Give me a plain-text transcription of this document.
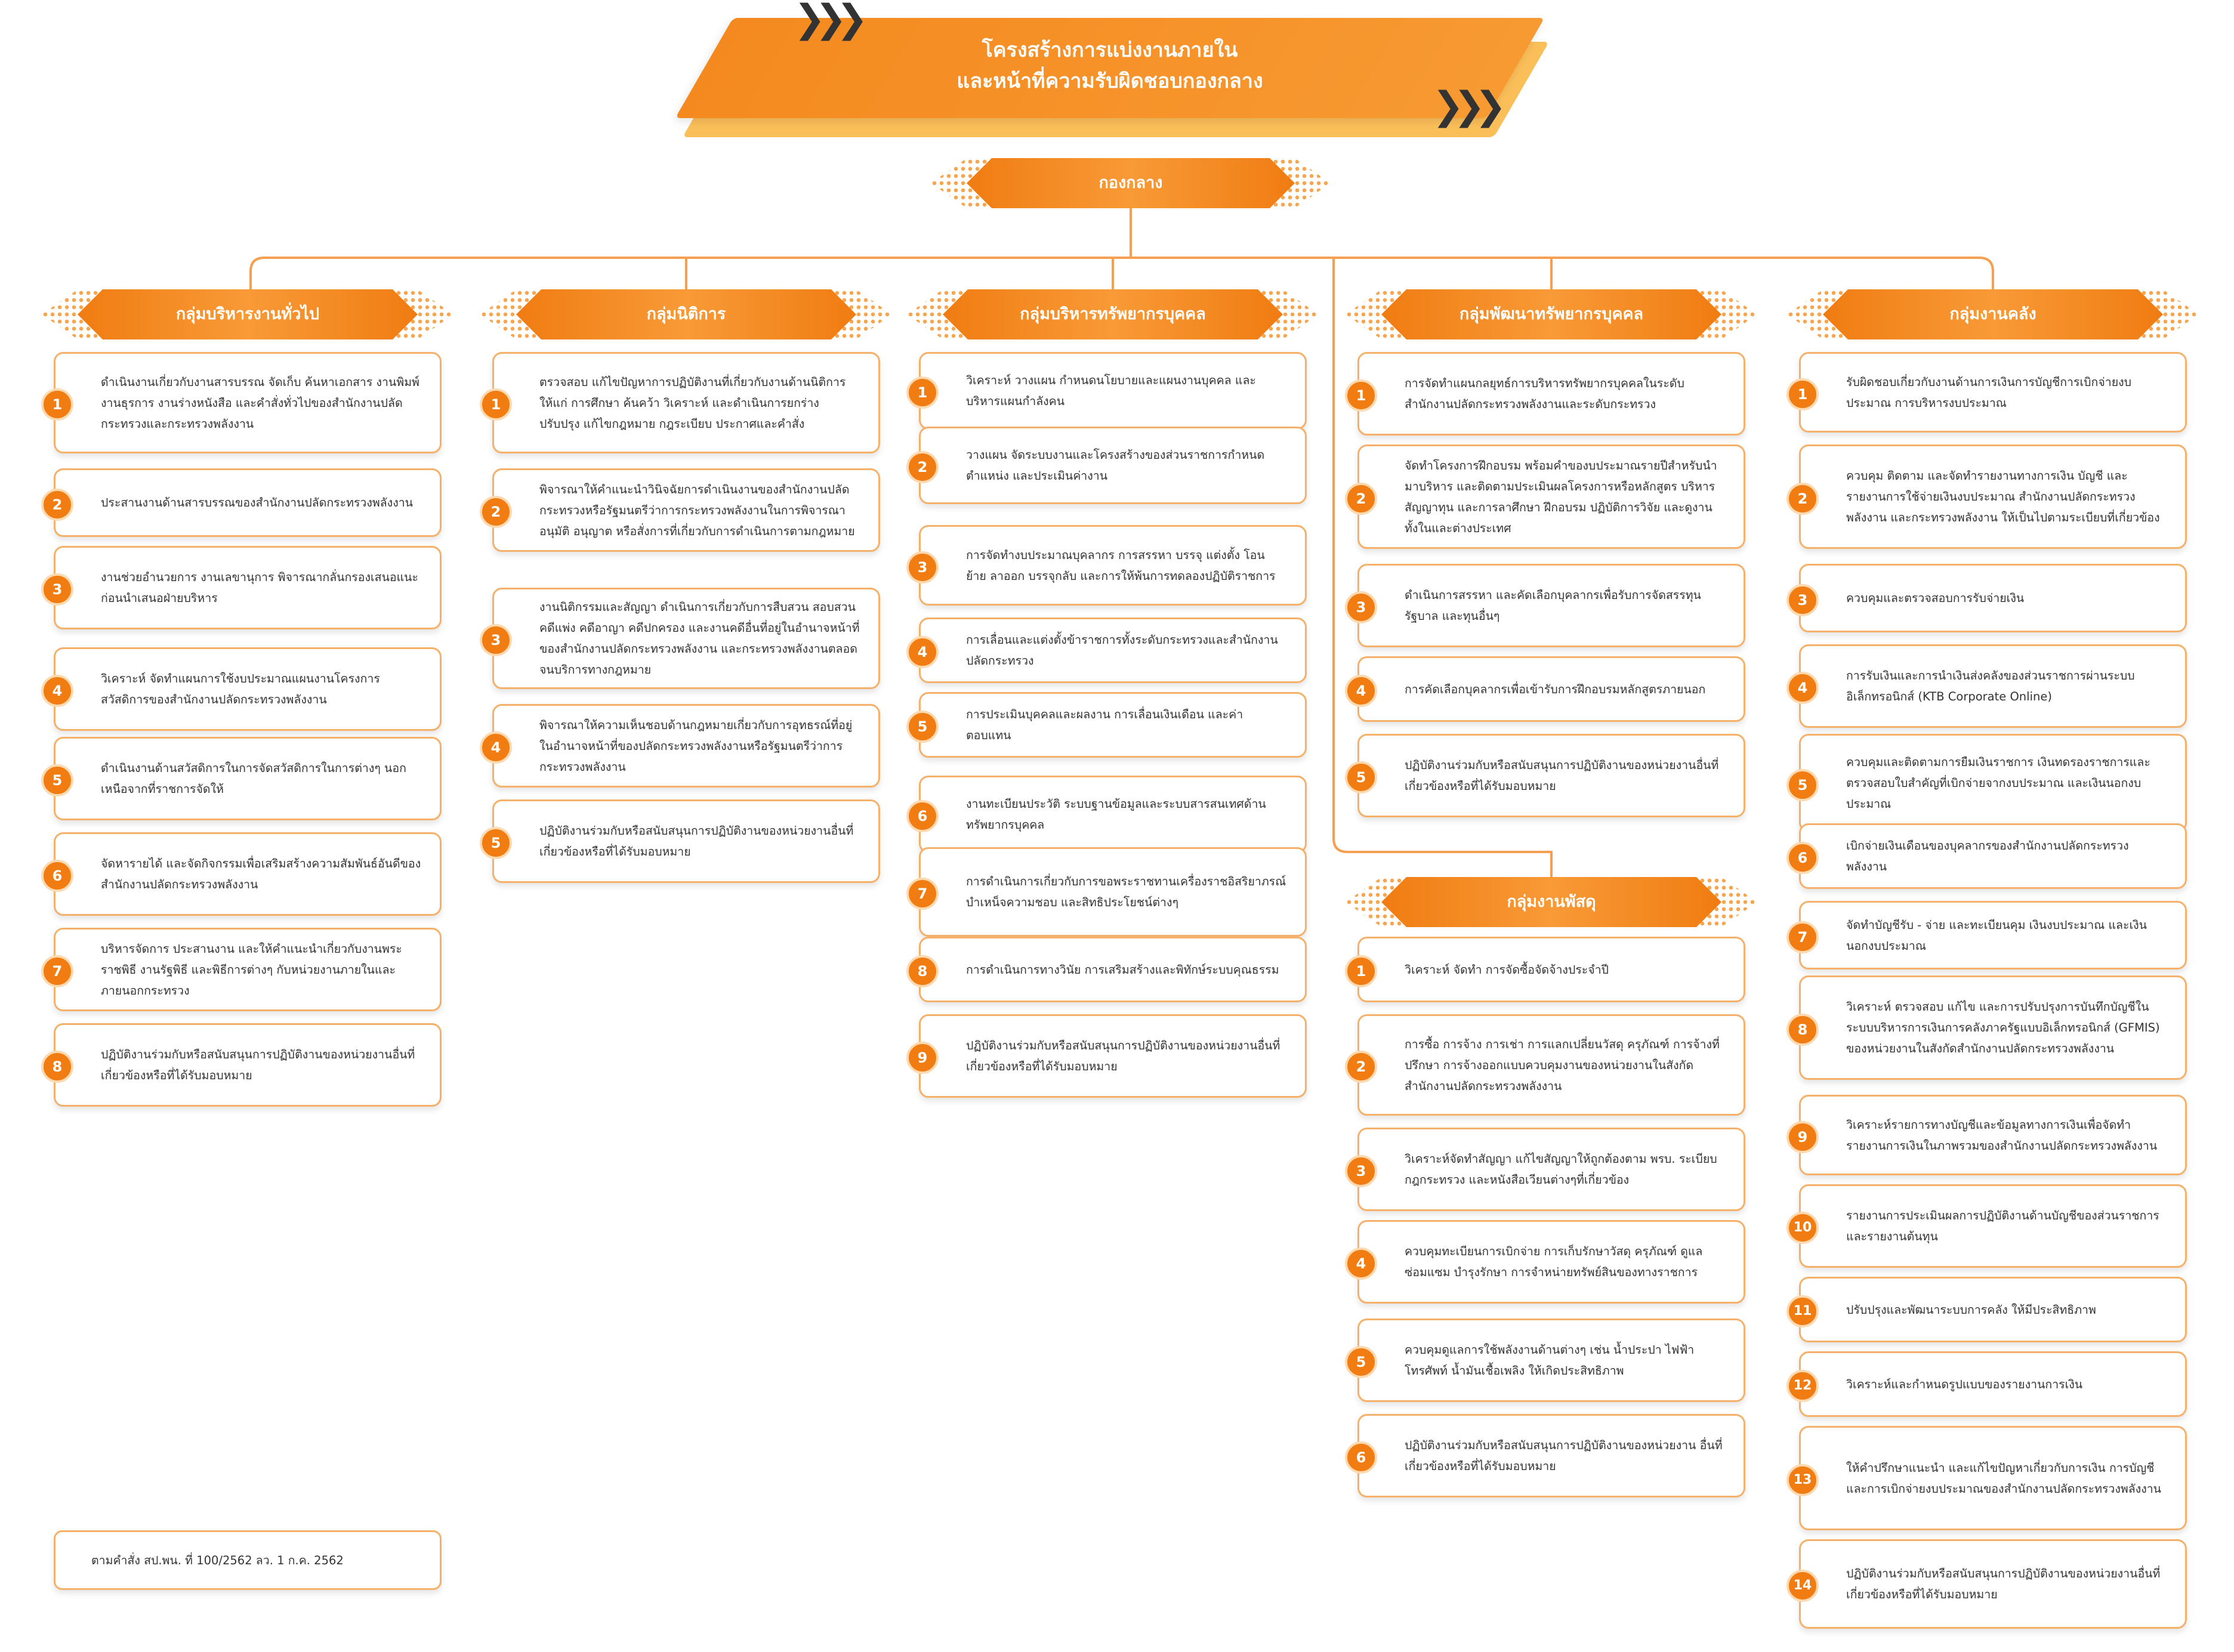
โครงสร้างการแบ่งงานภายใน
และหน้าที่ความรับผิดชอบกองกลาง
❯❯❯
❯❯❯
กองกลาง
กลุ่มบริหารงานทั่วไป
1
ดำเนินงานเกี่ยวกับงานสารบรรณ จัดเก็บ ค้นหาเอกสาร งานพิมพ์ งานธุรการ งานร่างหนังสือ และคำสั่งทั่วไปของสำนักงานปลัดกระทรวงและกระทรวงพลังงาน
2	ประสานงานด้านสารบรรณของสำนักงานปลัดกระทรวงพลังงาน
3
งานช่วยอำนวยการ งานเลขานุการ พิจารณากลั่นกรองเสนอแนะก่อนนำเสนอฝ่ายบริหาร
4
วิเคราะห์ จัดทำแผนการใช้งบประมาณแผนงานโครงการสวัสดิการของสำนักงานปลัดกระทรวงพลังงาน
5
ดำเนินงานด้านสวัสดิการในการจัดสวัสดิการในการต่างๆ นอกเหนือจากที่ราชการจัดให้
6
จัดหารายได้ และจัดกิจกรรมเพื่อเสริมสร้างความสัมพันธ์อันดีของสำนักงานปลัดกระทรวงพลังงาน
7
บริหารจัดการ ประสานงาน และให้คำแนะนำเกี่ยวกับงานพระราชพิธี งานรัฐพิธี และพิธีการต่างๆ กับหน่วยงานภายในและภายนอกกระทรวง
8
ปฏิบัติงานร่วมกับหรือสนับสนุนการปฏิบัติงานของหน่วยงานอื่นที่เกี่ยวข้องหรือที่ได้รับมอบหมาย
กลุ่มนิติการ
1
ตรวจสอบ แก้ไขปัญหาการปฏิบัติงานที่เกี่ยวกับงานด้านนิติการ ให้แก่ การศึกษา ค้นคว้า วิเคราะห์ และดำเนินการยกร่าง ปรับปรุง แก้ไขกฎหมาย กฎระเบียบ ประกาศและคำสั่ง
2
พิจารณาให้คำแนะนำวินิจฉัยการดำเนินงานของสำนักงานปลัดกระทรวงหรือรัฐมนตรีว่าการกระทรวงพลังงานในการพิจารณาอนุมัติ อนุญาต หรือสั่งการที่เกี่ยวกับการดำเนินการตามกฎหมาย
3
งานนิติกรรมและสัญญา ดำเนินการเกี่ยวกับการสืบสวน สอบสวน คดีแพ่ง คดีอาญา คดีปกครอง และงานคดีอื่นที่อยู่ในอำนาจหน้าที่ของสำนักงานปลัดกระทรวงพลังงาน และกระทรวงพลังงานตลอดจนบริการทางกฎหมาย
4
พิจารณาให้ความเห็นชอบด้านกฎหมายเกี่ยวกับการอุทธรณ์ที่อยู่ในอำนาจหน้าที่ของปลัดกระทรวงพลังงานหรือรัฐมนตรีว่าการกระทรวงพลังงาน
5
ปฏิบัติงานร่วมกับหรือสนับสนุนการปฏิบัติงานของหน่วยงานอื่นที่เกี่ยวข้องหรือที่ได้รับมอบหมาย
กลุ่มบริหารทรัพยากรบุคคล
1
วิเคราะห์ วางแผน กำหนดนโยบายและแผนงานบุคคล และบริหารแผนกำลังคน
2
วางแผน จัดระบบงานและโครงสร้างของส่วนราชการกำหนดตำแหน่ง และประเมินค่างาน
3
การจัดทำงบประมาณบุคลากร การสรรหา บรรจุ แต่งตั้ง โอน ย้าย ลาออก บรรจุกลับ และการให้พ้นการทดลองปฏิบัติราชการ
4
การเลื่อนและแต่งตั้งข้าราชการทั้งระดับกระทรวงและสำนักงานปลัดกระทรวง
5
การประเมินบุคคลและผลงาน การเลื่อนเงินเดือน และค่าตอบแทน
6
งานทะเบียนประวัติ ระบบฐานข้อมูลและระบบสารสนเทศด้านทรัพยากรบุคคล
7
การดำเนินการเกี่ยวกับการขอพระราชทานเครื่องราชอิสริยาภรณ์ บำเหน็จความชอบ และสิทธิประโยชน์ต่างๆ
8	การดำเนินการทางวินัย การเสริมสร้างและพิทักษ์ระบบคุณธรรม
9
ปฏิบัติงานร่วมกับหรือสนับสนุนการปฏิบัติงานของหน่วยงานอื่นที่เกี่ยวข้องหรือที่ได้รับมอบหมาย
กลุ่มพัฒนาทรัพยากรบุคคล
1
การจัดทำแผนกลยุทธ์การบริหารทรัพยากรบุคคลในระดับสำนักงานปลัดกระทรวงพลังงานและระดับกระทรวง
2
จัดทำโครงการฝึกอบรม พร้อมคำของบประมาณรายปีสำหรับนำมาบริหาร และติดตามประเมินผลโครงการหรือหลักสูตร บริหารสัญญาทุน และการลาศึกษา ฝึกอบรม ปฏิบัติการวิจัย และดูงานทั้งในและต่างประเทศ
3
ดำเนินการสรรหา และคัดเลือกบุคลากรเพื่อรับการจัดสรรทุนรัฐบาล และทุนอื่นๆ
4	การคัดเลือกบุคลากรเพื่อเข้ารับการฝึกอบรมหลักสูตรภายนอก
5
ปฏิบัติงานร่วมกับหรือสนับสนุนการปฏิบัติงานของหน่วยงานอื่นที่เกี่ยวข้องหรือที่ได้รับมอบหมาย
กลุ่มงานพัสดุ
1	วิเคราะห์ จัดทำ การจัดซื้อจัดจ้างประจำปี
2
การซื้อ การจ้าง การเช่า การแลกเปลี่ยนวัสดุ ครุภัณฑ์ การจ้างที่ปรึกษา การจ้างออกแบบควบคุมงานของหน่วยงานในสังกัดสำนักงานปลัดกระทรวงพลังงาน
3
วิเคราะห์จัดทำสัญญา แก้ไขสัญญาให้ถูกต้องตาม พรบ. ระเบียบ กฎกระทรวง และหนังสือเวียนต่างๆที่เกี่ยวข้อง
4
ควบคุมทะเบียนการเบิกจ่าย การเก็บรักษาวัสดุ ครุภัณฑ์ ดูแล ซ่อมแซม บำรุงรักษา การจำหน่ายทรัพย์สินของทางราชการ
5
ควบคุมดูแลการใช้พลังงานด้านต่างๆ เช่น น้ำประปา ไฟฟ้า โทรศัพท์ น้ำมันเชื้อเพลิง ให้เกิดประสิทธิภาพ
6
ปฏิบัติงานร่วมกับหรือสนับสนุนการปฏิบัติงานของหน่วยงาน อื่นที่เกี่ยวข้องหรือที่ได้รับมอบหมาย
กลุ่มงานคลัง
1
รับผิดชอบเกี่ยวกับงานด้านการเงินการบัญชีการเบิกจ่ายงบประมาณ การบริหารงบประมาณ
2
ควบคุม ติดตาม และจัดทำรายงานทางการเงิน บัญชี และรายงานการใช้จ่ายเงินงบประมาณ สำนักงานปลัดกระทรวงพลังงาน และกระทรวงพลังงาน ให้เป็นไปตามระเบียบที่เกี่ยวข้อง
3	ควบคุมและตรวจสอบการรับจ่ายเงิน
4
การรับเงินและการนำเงินส่งคลังของส่วนราชการผ่านระบบอิเล็กทรอนิกส์ (KTB Corporate Online)
5
ควบคุมและติดตามการยืมเงินราชการ เงินทดรองราชการและตรวจสอบใบสำคัญที่เบิกจ่ายจากงบประมาณ และเงินนอกงบประมาณ
6
เบิกจ่ายเงินเดือนของบุคลากรของสำนักงานปลัดกระทรวงพลังงาน
7
จัดทำบัญชีรับ - จ่าย และทะเบียนคุม เงินงบประมาณ และเงินนอกงบประมาณ
8
วิเคราะห์ ตรวจสอบ แก้ไข และการปรับปรุงการบันทึกบัญชีในระบบบริหารการเงินการคลังภาครัฐแบบอิเล็กทรอนิกส์ (GFMIS) ของหน่วยงานในสังกัดสำนักงานปลัดกระทรวงพลังงาน
9
วิเคราะห์รายการทางบัญชีและข้อมูลทางการเงินเพื่อจัดทำรายงานการเงินในภาพรวมของสำนักงานปลัดกระทรวงพลังงาน
10
รายงานการประเมินผลการปฏิบัติงานด้านบัญชีของส่วนราชการ และรายงานต้นทุน
11	ปรับปรุงและพัฒนาระบบการคลัง ให้มีประสิทธิภาพ
12	วิเคราะห์และกำหนดรูปแบบของรายงานการเงิน
13
ให้คำปรึกษาแนะนำ และแก้ไขปัญหาเกี่ยวกับการเงิน การบัญชี และการเบิกจ่ายงบประมาณของสำนักงานปลัดกระทรวงพลังงาน
14
ปฏิบัติงานร่วมกับหรือสนับสนุนการปฏิบัติงานของหน่วยงานอื่นที่เกี่ยวข้องหรือที่ได้รับมอบหมาย
ตามคำสั่ง สป.พน. ที่ 100/2562 ลว. 1 ก.ค. 2562
